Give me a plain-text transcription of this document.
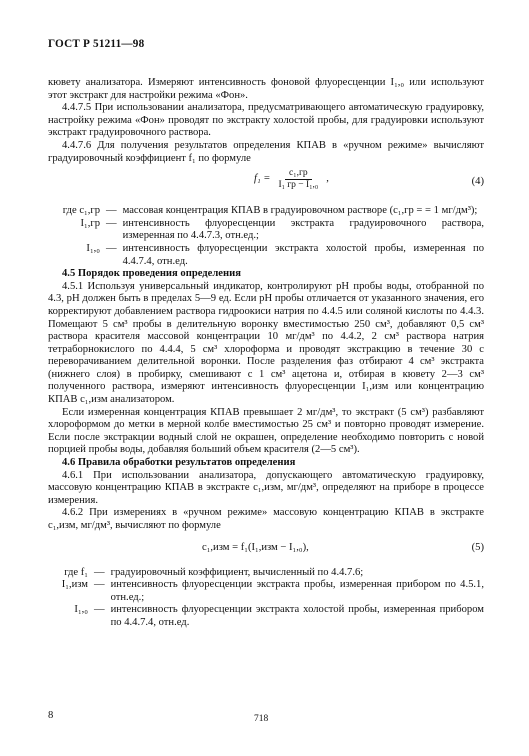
ГОСТ Р 51211—98

кювету анализатора. Измеряют интенсивность фоновой флуоресценции I₁,₀ или используют этот экстракт для настройки режима «Фон».

4.4.7.5 При использовании анализатора, предусматривающего автоматическую градуировку, настройку режима «Фон» проводят по экстракту холостой пробы, для градуировки используют экстракт градуировочного раствора.

4.4.7.6 Для получения результатов определения КПАВ в «ручном режиме» вычисляют градуировочный коэффициент f₁ по формуле

f₁ =
c₁,гр
I₁ гр − I₁,₀
,	(4)
где c₁,гр — массовая концентрация КПАВ в градуировочном растворе (c₁,гр = = 1 мг/дм³);
I₁,гр — интенсивность флуоресценции экстракта градуировочного раствора, измеренная по 4.4.7.3, отн.ед.;
I₁,₀ — интенсивность флуоресценции экстракта холостой пробы, измеренная по 4.4.7.4, отн.ед.

4.5 Порядок проведения определения

4.5.1 Используя универсальный индикатор, контролируют pH пробы воды, отобранной по 4.3, pH должен быть в пределах 5—9 ед. Если pH пробы отличается от указанного значения, его корректируют добавлением раствора гидроокиси натрия по 4.4.5 или соляной кислоты по 4.4.3. Помещают 5 см³ пробы в делительную воронку вместимостью 250 см³, добавляют 0,5 см³ раствора красителя массовой концентрации 10 мг/дм³ по 4.4.2, 2 см³ раствора натрия тетраборнокислого по 4.4.4, 5 см³ хлороформа и проводят экстракцию в течение 30 с переворачиванием делительной воронки. После разделения фаз отбирают 4 см³ экстракта (нижнего слоя) в пробирку, смешивают с 1 см³ ацетона и, отбирая в кювету 2—3 см³ полученного раствора, измеряют интенсивность флуоресценции I₁,изм или концентрацию КПАВ c₁,изм анализатором.

Если измеренная концентрация КПАВ превышает 2 мг/дм³, то экстракт (5 см³) разбавляют хлороформом до метки в мерной колбе вместимостью 25 см³ и повторно проводят измерение. Если после экстракции водный слой не окрашен, определение необходимо повторить с новой порцией пробы воды, добавляя больший объем красителя (2—5 см³).

4.6 Правила обработки результатов определения

4.6.1 При использовании анализатора, допускающего автоматическую градуировку, массовую концентрацию КПАВ в экстракте c₁,изм, мг/дм³, определяют на приборе в процессе измерения.

4.6.2 При измерениях в «ручном режиме» массовую концентрацию КПАВ в экстракте c₁,изм, мг/дм³, вычисляют по формуле

c₁,изм = f₁(I₁,изм − I₁,₀),	(5)
где f₁ — градуировочный коэффициент, вычисленный по 4.4.7.6;
I₁,изм — интенсивность флуоресценции экстракта пробы, измеренная прибором по 4.5.1, отн.ед.;
I₁,₀ — интенсивность флуоресценции экстракта холостой пробы, измеренная прибором по 4.4.7.4, отн.ед.
8	718
